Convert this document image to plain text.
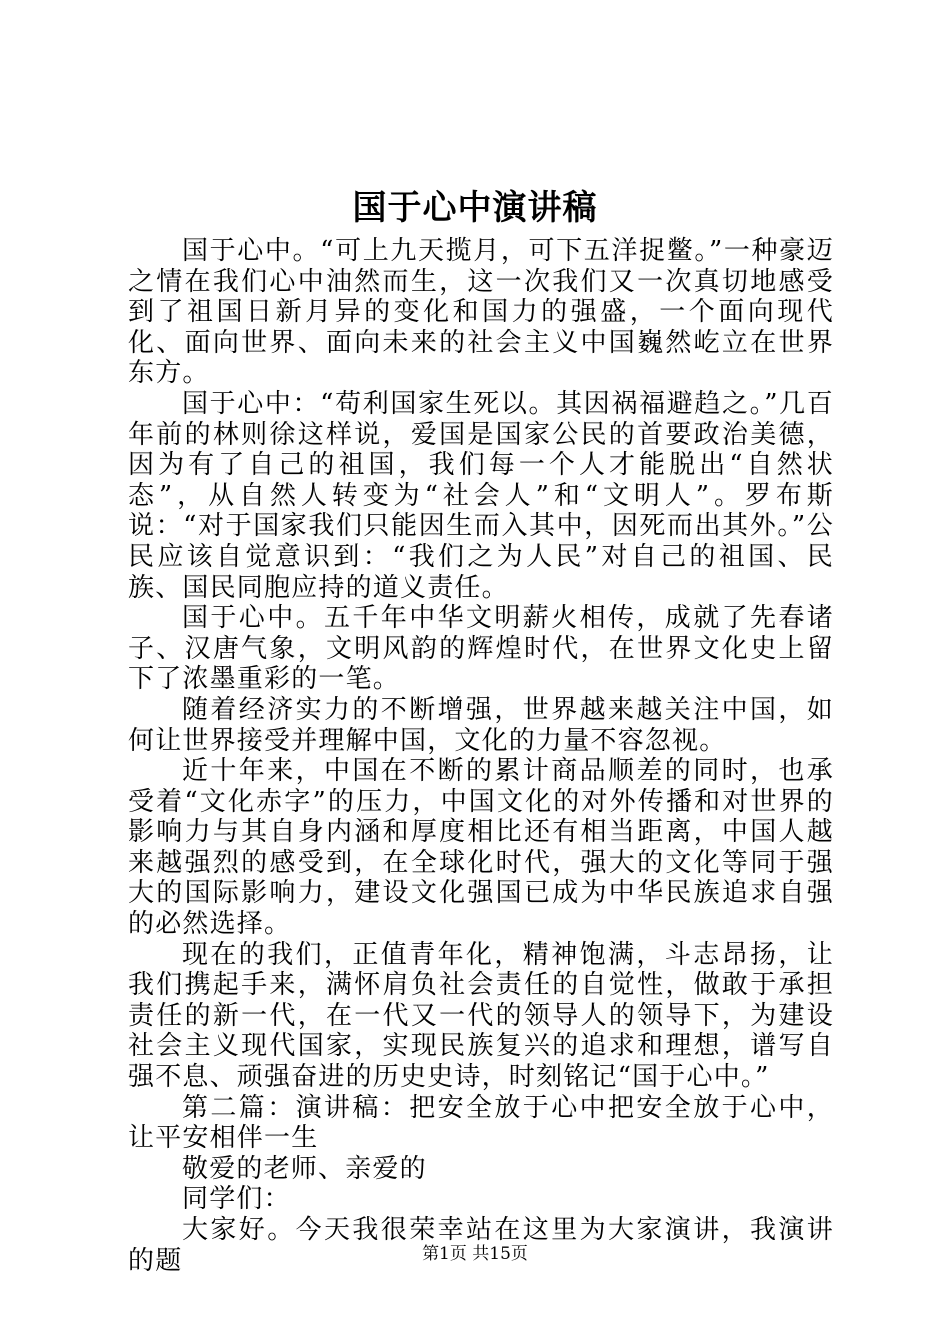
国于心中演讲稿

国于心中。“可上九天揽月，可下五洋捉鳖。”一种豪迈之情在我们心中油然而生，这一次我们又一次真切地感受到了祖国日新月异的变化和国力的强盛，一个面向现代化、面向世界、面向未来的社会主义中国巍然屹立在世界东方。

国于心中：“苟利国家生死以。其因祸福避趋之。”几百年前的林则徐这样说，爱国是国家公民的首要政治美德，因为有了自己的祖国，我们每一个人才能脱出“自然状态”，从自然人转变为“社会人”和“文明人”。罗布斯说：“对于国家我们只能因生而入其中，因死而出其外。”公民应该自觉意识到：“我们之为人民”对自己的祖国、民族、国民同胞应持的道义责任。

国于心中。五千年中华文明薪火相传，成就了先春诸子、汉唐气象，文明风韵的辉煌时代，在世界文化史上留下了浓墨重彩的一笔。

随着经济实力的不断增强，世界越来越关注中国，如何让世界接受并理解中国，文化的力量不容忽视。

近十年来，中国在不断的累计商品顺差的同时，也承受着“文化赤字”的压力，中国文化的对外传播和对世界的影响力与其自身内涵和厚度相比还有相当距离，中国人越来越强烈的感受到，在全球化时代，强大的文化等同于强大的国际影响力，建设文化强国已成为中华民族追求自强的必然选择。

现在的我们，正值青年化，精神饱满，斗志昂扬，让我们携起手来，满怀肩负社会责任的自觉性，做敢于承担责任的新一代，在一代又一代的领导人的领导下，为建设社会主义现代国家，实现民族复兴的追求和理想，谱写自强不息、顽强奋进的历史史诗，时刻铭记“国于心中。”

第二篇：演讲稿：把安全放于心中把安全放于心中，让平安相伴一生

敬爱的老师、亲爱的

同学们：

大家好。今天我很荣幸站在这里为大家演讲，我演讲的题	第1页 共15页
